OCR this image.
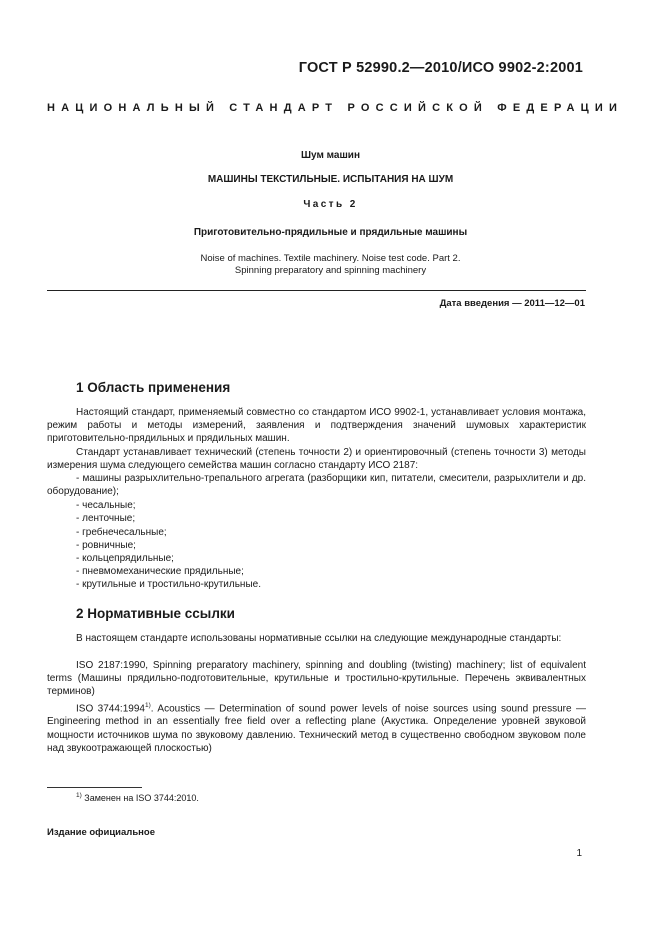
ГОСТ Р 52990.2—2010/ИСО 9902-2:2001
НАЦИОНАЛЬНЫЙ СТАНДАРТ РОССИЙСКОЙ ФЕДЕРАЦИИ
Шум машин
МАШИНЫ ТЕКСТИЛЬНЫЕ. ИСПЫТАНИЯ НА ШУМ
Часть 2
Приготовительно-прядильные и прядильные машины
Noise of machines. Textile machinery. Noise test code. Part 2.
Spinning preparatory and spinning machinery
Дата введения — 2011—12—01
1 Область применения
Настоящий стандарт, применяемый совместно со стандартом ИСО 9902-1, устанавливает условия монтажа, режим работы и методы измерений, заявления и подтверждения значений шумовых характеристик приготовительно-прядильных и прядильных машин.
Стандарт устанавливает технический (степень точности 2) и ориентировочный (степень точности 3) методы измерения шума следующего семейства машин согласно стандарту ИСО 2187:
- машины разрыхлительно-трепального агрегата (разборщики кип, питатели, смесители, разрыхлители и др. оборудование);
- чесальные;
- ленточные;
- гребнечесальные;
- ровничные;
- кольцепрядильные;
- пневмомеханические прядильные;
- крутильные и тростильно-крутильные.
2 Нормативные ссылки
В настоящем стандарте использованы нормативные ссылки на следующие международные стандарты:
ISO 2187:1990, Spinning preparatory machinery, spinning and doubling (twisting) machinery; list of equivalent terms (Машины прядильно-подготовительные, крутильные и тростильно-крутильные. Перечень эквивалентных терминов)
ISO 3744:1994$^{1)}$. Acoustics — Determination of sound power levels of noise sources using sound pressure — Engineering method in an essentially free field over a reflecting plane (Акустика. Определение уровней звуковой мощности источников шума по звуковому давлению. Технический метод в существенно свободном звуковом поле над звукоотражающей плоскостью)
$^{1)}$ Заменен на ISO 3744:2010.
Издание официальное
1
